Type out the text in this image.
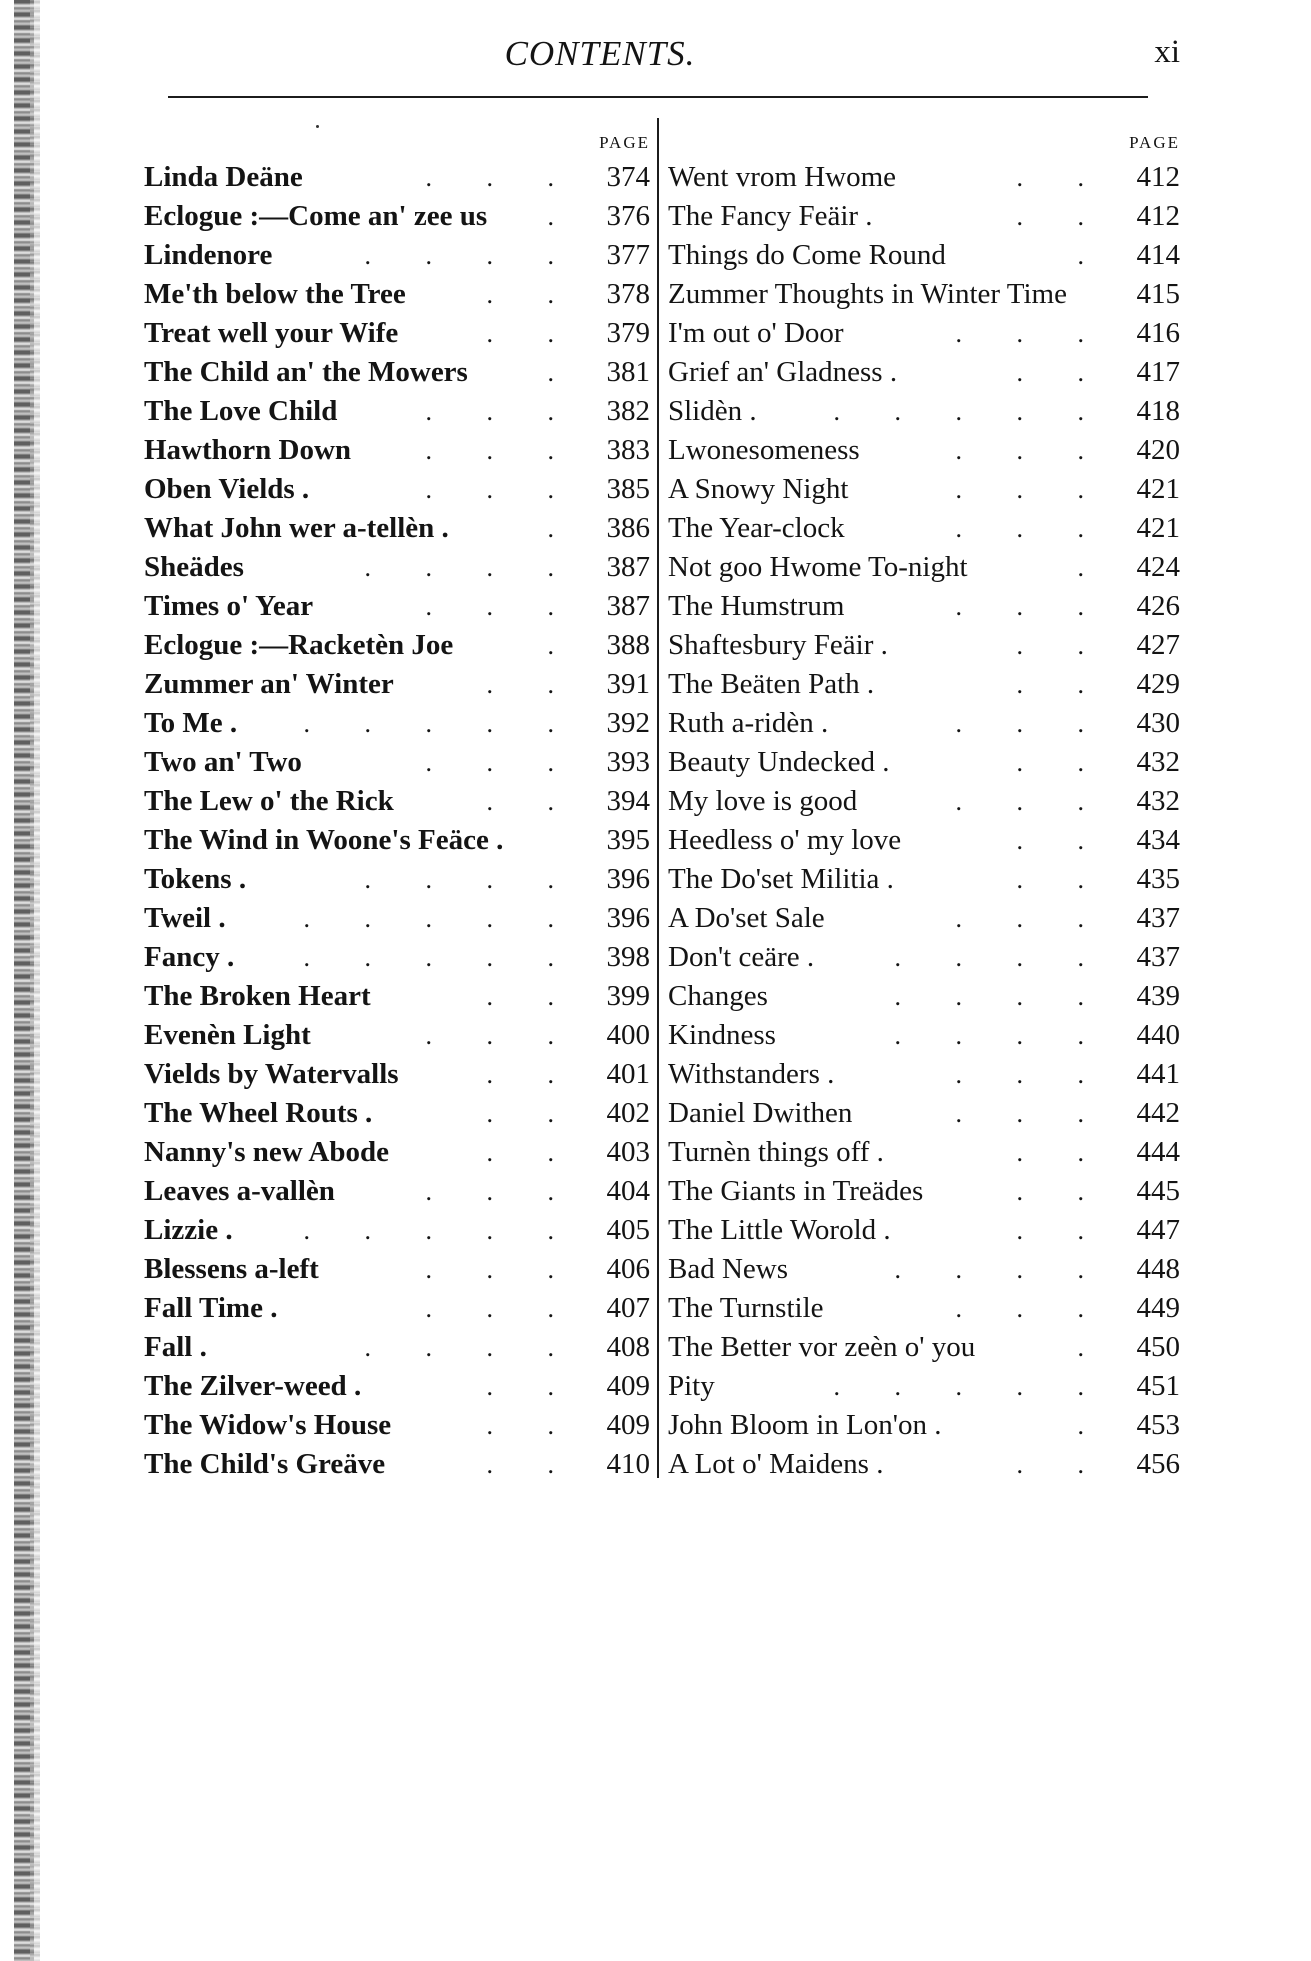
CONTENTS.	xi
PAGE
Linda Deäne	. . . 374
Eclogue :—Come an' zee us . 376
Lindenore	. . . . 377
Me'th below the Tree	. . 378
Treat well your Wife	. . 379
The Child an' the Mowers	. 381
The Love Child	. . . 382
Hawthorn Down	. . . 383
Oben Vields .	. . . 385
What John wer a-tellèn .	. 386
Sheädes	. . . . 387
Times o' Year	. . . 387
Eclogue :—Racketèn Joe	. 388
Zummer an' Winter	. . 391
To Me .	. . . . . 392
Two an' Two	. . . 393
The Lew o' the Rick	. . 394
The Wind in Woone's Feäce .	395
Tokens .	. . . . 396
Tweil .	. . . . . 396
Fancy .	. . . . . 398
The Broken Heart	. . 399
Evenèn Light	. . . 400
Vields by Watervalls	. . 401
The Wheel Routs .	. . 402
Nanny's new Abode	. . 403
Leaves a-vallèn	. . . 404
Lizzie .	. . . . . 405
Blessens a-left	. . . 406
Fall Time .	. . . 407
Fall .	. . . . 408
The Zilver-weed .	. . 409
The Widow's House	. . 409
The Child's Greäve	. . 410
PAGE
Went vrom Hwome	. . 412
The Fancy Feäir .	. . 412
Things do Come Round	. 414
Zummer Thoughts in Winter Time	415
I'm out o' Door	. . . 416
Grief an' Gladness .	. . 417
Slidèn .	. . . . . 418
Lwonesomeness	. . . 420
A Snowy Night	. . . 421
The Year-clock	. . . 421
Not goo Hwome To-night	. 424
The Humstrum	. . . 426
Shaftesbury Feäir .	. . 427
The Beäten Path .	. . 429
Ruth a-ridèn .	. . . 430
Beauty Undecked .	. . 432
My love is good	. . . 432
Heedless o' my love	. . 434
The Do'set Militia .	. . 435
A Do'set Sale	. . . 437
Don't ceäre .	. . . . 437
Changes	. . . . 439
Kindness	. . . . 440
Withstanders .	. . . 441
Daniel Dwithen	. . . 442
Turnèn things off .	. . 444
The Giants in Treädes	. . 445
The Little Worold .	. . 447
Bad News	. . . . 448
The Turnstile	. . . 449
The Better vor zeèn o' you	. 450
Pity	. . . . . 451
John Bloom in Lon'on .	. 453
A Lot o' Maidens .	. . 456
